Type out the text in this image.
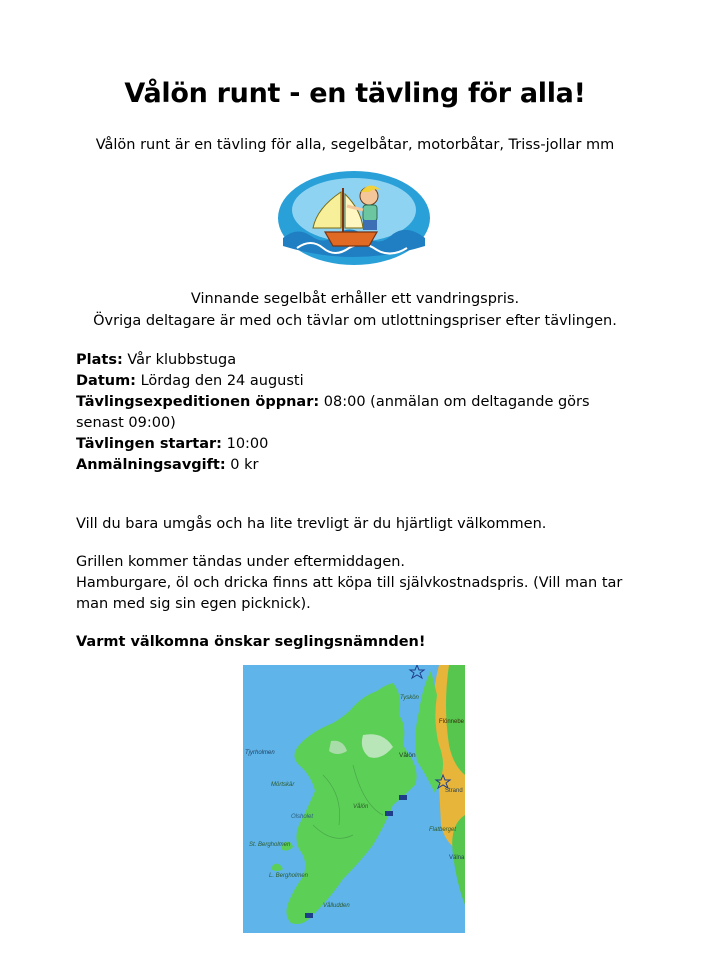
Vålön runt - en tävling för alla!
Vålön runt är en tävling för alla, segelbåtar, motorbåtar, Triss-jollar mm
Vinnande segelbåt erhåller ett vandringspris.
Övriga deltagare är med och tävlar om utlottningspriser efter tävlingen.

Plats: Vår klubbstuga

Datum: Lördag den 24 augusti

Tävlingsexpeditionen öppnar: 08:00 (anmälan om deltagande görs senast 09:00)

Tävlingen startar: 10:00

Anmälningsavgift: 0 kr

Vill du bara umgås och ha lite trevligt är du hjärtligt välkommen.

Grillen kommer tändas under eftermiddagen.

Hamburgare, öl och dricka finns att köpa till självkostnadspris. (Vill man tar man med sig sin egen picknick).

Varmt välkomna önskar seglingsnämnden!
Tyskön
Flönnebe
Tjyrholmen	Vålön
Mörtskär
Olsholet
Vålön
Strand
St. Bergholmen
Flatberget
Välna
L. Bergholmen
Vålludden
